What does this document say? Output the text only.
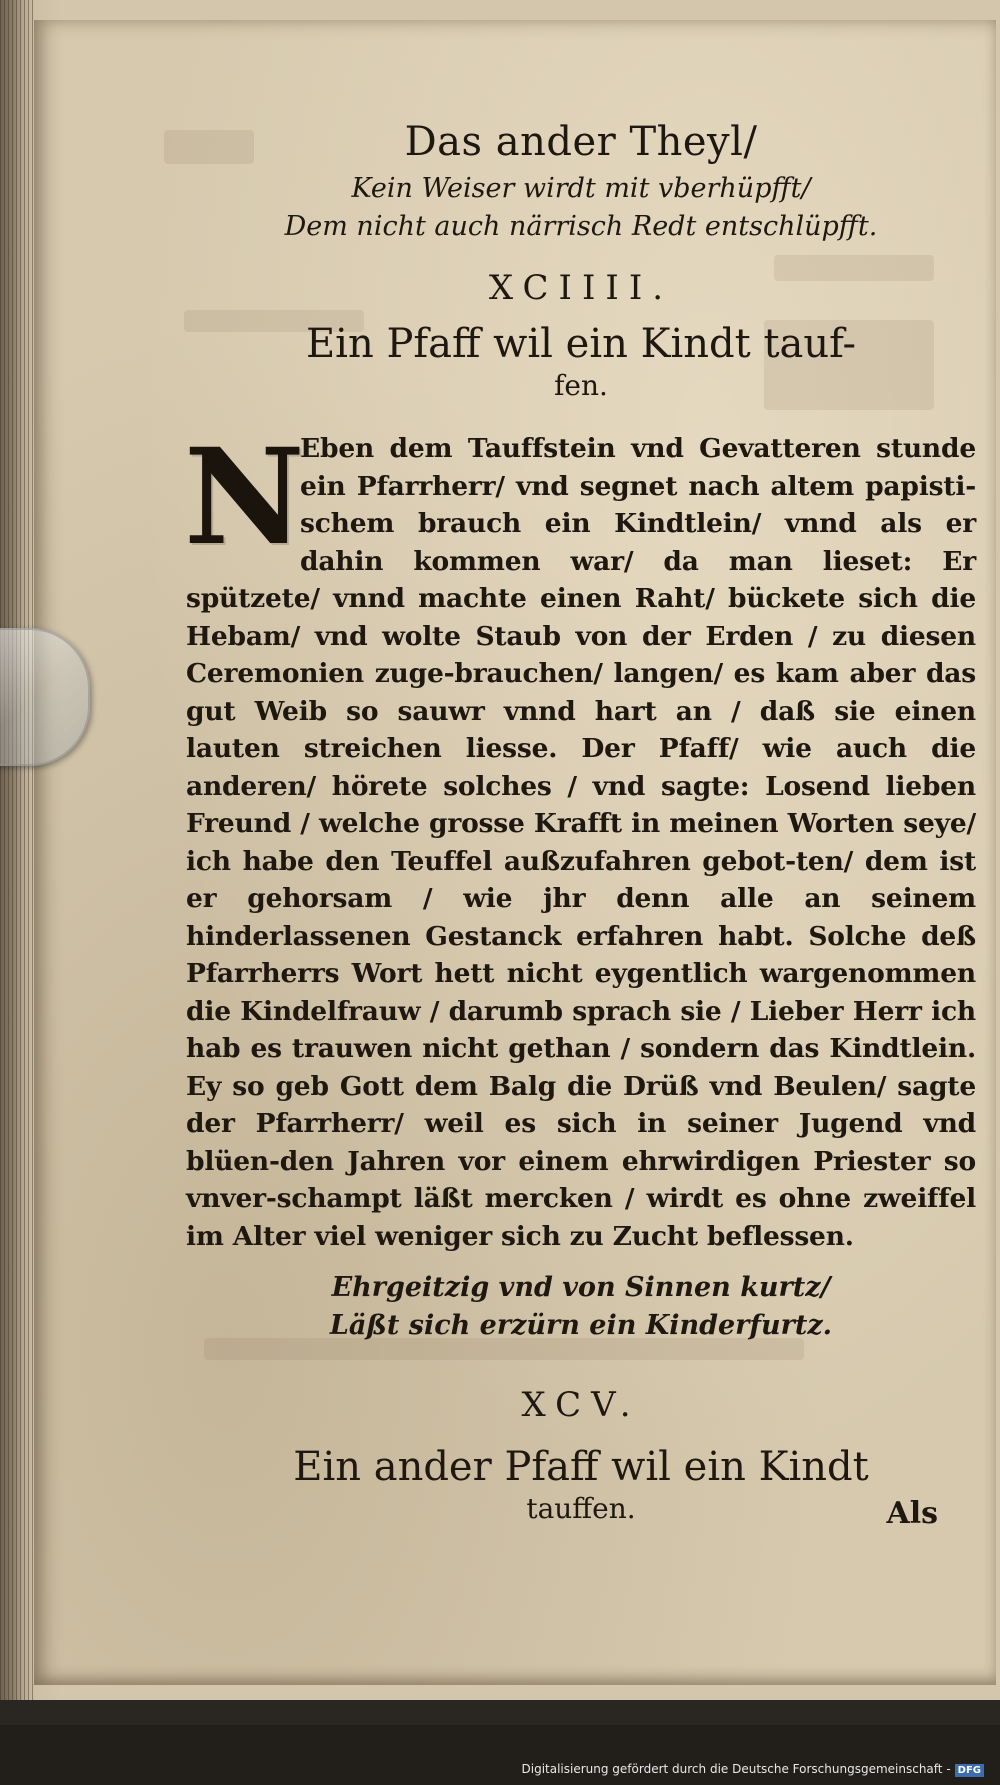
Das ander Theyl/

Kein Weiser wirdt mit vberhüpfft/

Dem nicht auch närrisch Redt entschlüpfft.

XCIIII.

Ein Pfaff wil ein Kindt tauf-

fen.

N

Eben dem Tauffstein vnd Gevatteren stunde ein Pfarrherr/ vnd segnet nach altem papisti-schem brauch ein Kindtlein/ vnnd als er dahin kommen war/ da man lieset: Er spützete/ vnnd machte einen Raht/ bückete sich die Hebam/ vnd wolte Staub von der Erden / zu diesen Ceremonien zuge-brauchen/ langen/ es kam aber das gut Weib so sauwr vnnd hart an / daß sie einen lauten streichen liesse. Der Pfaff/ wie auch die anderen/ hörete solches / vnd sagte: Losend lieben Freund / welche grosse Krafft in meinen Worten seye/ ich habe den Teuffel außzufahren gebot-ten/ dem ist er gehorsam / wie jhr denn alle an seinem hinderlassenen Gestanck erfahren habt. Solche deß Pfarrherrs Wort hett nicht eygentlich wargenommen die Kindelfrauw / darumb sprach sie / Lieber Herr ich hab es trauwen nicht gethan / sondern das Kindtlein. Ey so geb Gott dem Balg die Drüß vnd Beulen/ sagte der Pfarrherr/ weil es sich in seiner Jugend vnd blüen-den Jahren vor einem ehrwirdigen Priester so vnver-schampt läßt mercken / wirdt es ohne zweiffel im Alter viel weniger sich zu Zucht beflessen.

Ehrgeitzig vnd von Sinnen kurtz/

Läßt sich erzürn ein Kinderfurtz.

XCV.

Ein ander Pfaff wil ein Kindt

tauffen.	Als
Digitalisierung gefördert durch die Deutsche Forschungsgemeinschaft - DFG
